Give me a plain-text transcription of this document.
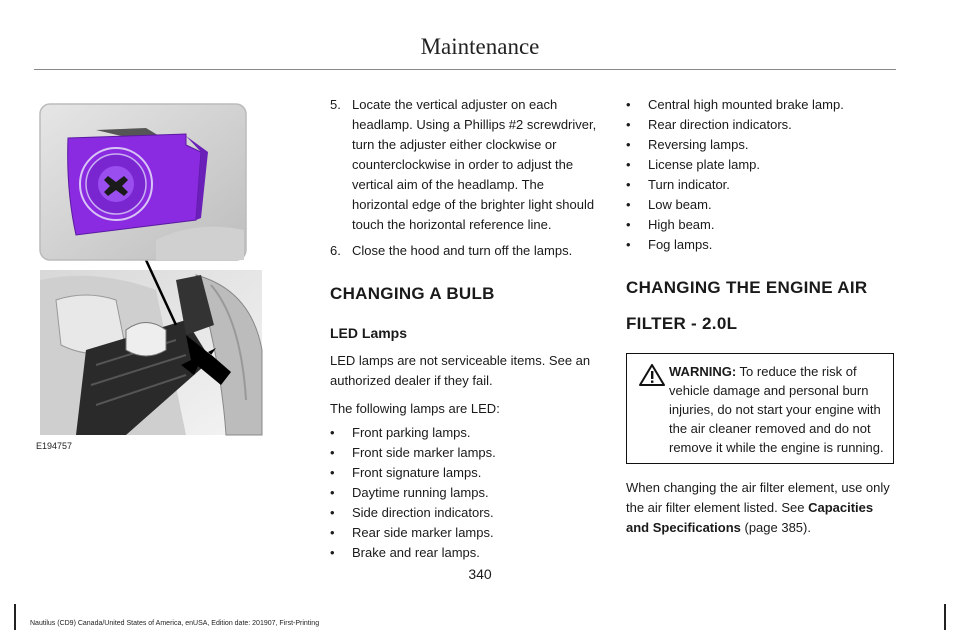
Maintenance
E194757
5. Locate the vertical adjuster on each headlamp. Using a Phillips #2 screwdriver, turn the adjuster either clockwise or counterclockwise in order to adjust the vertical aim of the headlamp. The horizontal edge of the brighter light should touch the horizontal reference line.
6. Close the hood and turn off the lamps.
CHANGING A BULB
LED Lamps

LED lamps are not serviceable items. See an authorized dealer if they fail.

The following lamps are LED:

•	Front parking lamps.
•	Front side marker lamps.
•	Front signature lamps.
•	Daytime running lamps.
•	Side direction indicators.
•	Rear side marker lamps.
•	Brake and rear lamps.
•	Central high mounted brake lamp.
•	Rear direction indicators.
•	Reversing lamps.
•	License plate lamp.
•	Turn indicator.
•	Low beam.
•	High beam.
•	Fog lamps.
CHANGING THE ENGINE AIR
FILTER - 2.0L
WARNING: To reduce the risk of vehicle damage and personal burn injuries, do not start your engine with the air cleaner removed and do not remove it while the engine is running.

When changing the air filter element, use only the air filter element listed. See Capacities and Specifications (page 385).

340
Nautilus (CD9) Canada/United States of America, enUSA, Edition date: 201907, First-Printing
